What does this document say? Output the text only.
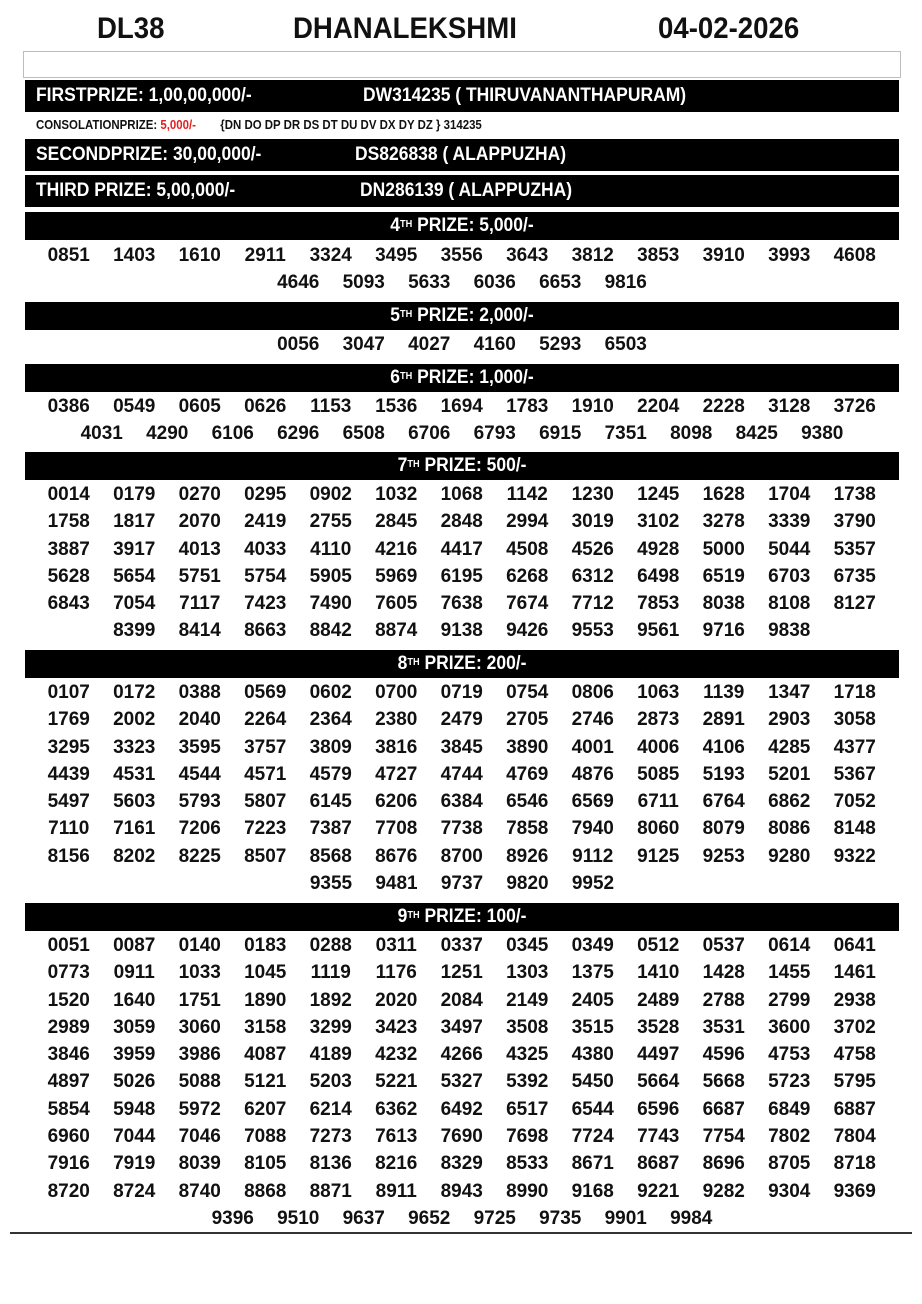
DL38	DHANALEKSHMI	04-02-2026
FIRSTPRIZE: 1,00,00,000/-	DW314235 ( THIRUVANANTHAPURAM)
CONSOLATIONPRIZE: 5,000/- {DN DO DP DR DS DT DU DV DX DY DZ } 314235
SECONDPRIZE: 30,00,000/-	DS826838 ( ALAPPUZHA)
THIRD PRIZE: 5,00,000/-	DN286139 ( ALAPPUZHA)
4TH PRIZE: 5,000/-
0851	1403	1610	2911	3324	3495	3556	3643	3812	3853	3910	3993	4608
4646	5093	5633	6036	6653	9816
5TH PRIZE: 2,000/-
0056	3047	4027	4160	5293	6503
6TH PRIZE: 1,000/-
0386	0549	0605	0626	1153	1536	1694	1783	1910	2204	2228	3128	3726
4031	4290	6106	6296	6508	6706	6793	6915	7351	8098	8425	9380
7TH PRIZE: 500/-
0014	0179	0270	0295	0902	1032	1068	1142	1230	1245	1628	1704	1738
1758	1817	2070	2419	2755	2845	2848	2994	3019	3102	3278	3339	3790
3887	3917	4013	4033	4110	4216	4417	4508	4526	4928	5000	5044	5357
5628	5654	5751	5754	5905	5969	6195	6268	6312	6498	6519	6703	6735
6843	7054	7117	7423	7490	7605	7638	7674	7712	7853	8038	8108	8127
8399	8414	8663	8842	8874	9138	9426	9553	9561	9716	9838
8TH PRIZE: 200/-
0107	0172	0388	0569	0602	0700	0719	0754	0806	1063	1139	1347	1718
1769	2002	2040	2264	2364	2380	2479	2705	2746	2873	2891	2903	3058
3295	3323	3595	3757	3809	3816	3845	3890	4001	4006	4106	4285	4377
4439	4531	4544	4571	4579	4727	4744	4769	4876	5085	5193	5201	5367
5497	5603	5793	5807	6145	6206	6384	6546	6569	6711	6764	6862	7052
7110	7161	7206	7223	7387	7708	7738	7858	7940	8060	8079	8086	8148
8156	8202	8225	8507	8568	8676	8700	8926	9112	9125	9253	9280	9322
9355	9481	9737	9820	9952
9TH PRIZE: 100/-
0051	0087	0140	0183	0288	0311	0337	0345	0349	0512	0537	0614	0641
0773	0911	1033	1045	1119	1176	1251	1303	1375	1410	1428	1455	1461
1520	1640	1751	1890	1892	2020	2084	2149	2405	2489	2788	2799	2938
2989	3059	3060	3158	3299	3423	3497	3508	3515	3528	3531	3600	3702
3846	3959	3986	4087	4189	4232	4266	4325	4380	4497	4596	4753	4758
4897	5026	5088	5121	5203	5221	5327	5392	5450	5664	5668	5723	5795
5854	5948	5972	6207	6214	6362	6492	6517	6544	6596	6687	6849	6887
6960	7044	7046	7088	7273	7613	7690	7698	7724	7743	7754	7802	7804
7916	7919	8039	8105	8136	8216	8329	8533	8671	8687	8696	8705	8718
8720	8724	8740	8868	8871	8911	8943	8990	9168	9221	9282	9304	9369
9396	9510	9637	9652	9725	9735	9901	9984
